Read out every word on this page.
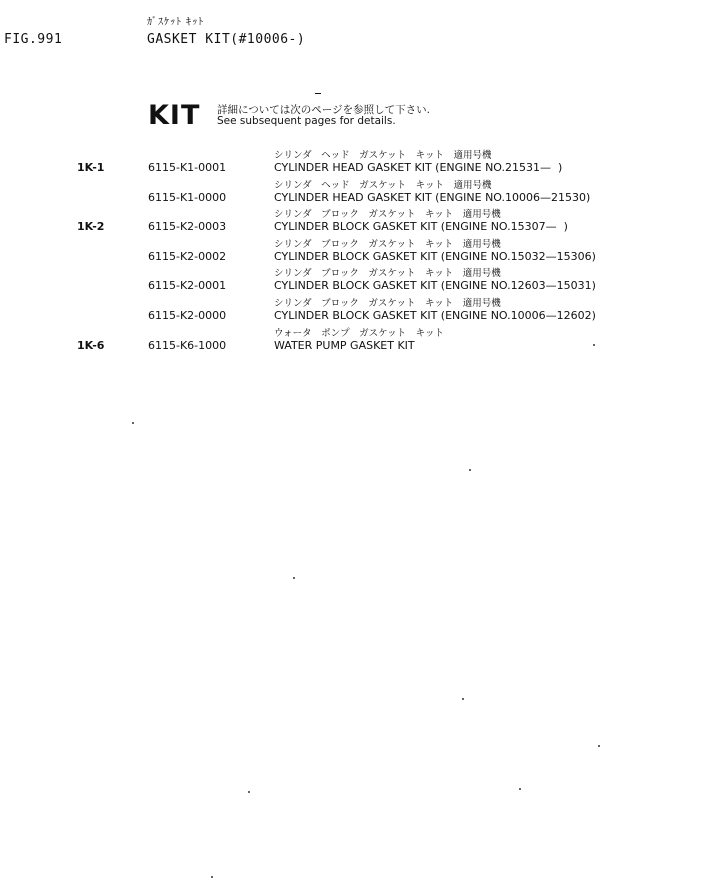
FIG.991
ｶﾞｽｹｯﾄ ｷｯﾄ
GASKET KIT(#10006-)
KIT 詳細については次のページを参照して下さい.
See subsequent pages for details.
1K-1	6115-K1-0001
シリンダ　ヘッド　ガスケット　キット　適用号機
CYLINDER HEAD GASKET KIT (ENGINE NO.21531—  )
6115-K1-0000
シリンダ　ヘッド　ガスケット　キット　適用号機
CYLINDER HEAD GASKET KIT (ENGINE NO.10006—21530)
1K-2	6115-K2-0003
シリンダ　ブロック　ガスケット　キット　適用号機
CYLINDER BLOCK GASKET KIT (ENGINE NO.15307—  )
6115-K2-0002
シリンダ　ブロック　ガスケット　キット　適用号機
CYLINDER BLOCK GASKET KIT (ENGINE NO.15032—15306)
6115-K2-0001
シリンダ　ブロック　ガスケット　キット　適用号機
CYLINDER BLOCK GASKET KIT (ENGINE NO.12603—15031)
6115-K2-0000
シリンダ　ブロック　ガスケット　キット　適用号機
CYLINDER BLOCK GASKET KIT (ENGINE NO.10006—12602)
1K-6	6115-K6-1000
ウォータ　ポンプ　ガスケット　キット
WATER PUMP GASKET KIT
